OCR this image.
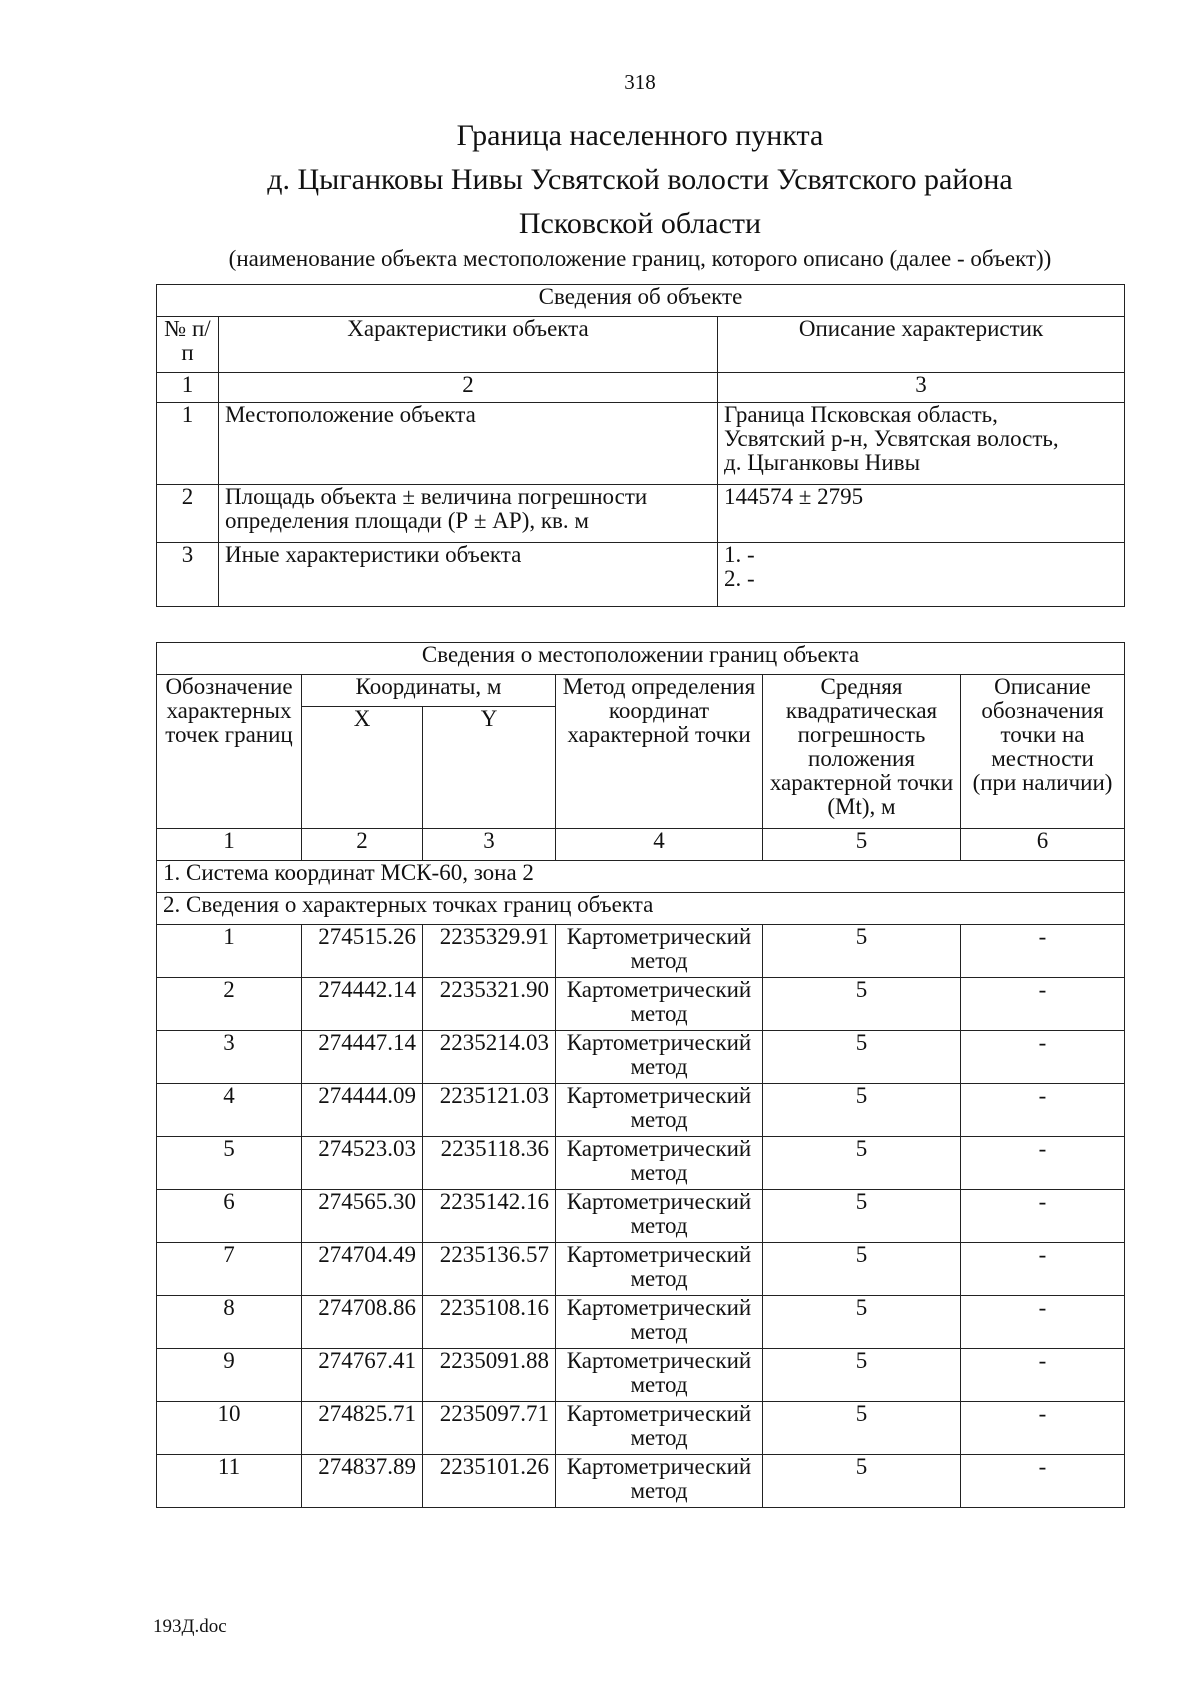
318
Граница населенного пункта
д. Цыганковы Нивы Усвятской волости Усвятского района
Псковской области
(наименование объекта местоположение границ, которого описано (далее - объект))
Сведения об объекте		
№ п/п	Характеристики объекта	Описание характеристик
1	2	3
1	Местоположение объекта	Граница Псковская область,
Усвятский р-н, Усвятская волость,
д. Цыганковы Нивы

2	Площадь объекта ± величина погрешности
определения площади (Р ± АР), кв. м	144574 ± 2795
3	Иные характеристики объекта	1. -
2. -
Сведения о местоположении границ объекта					
Обозначение характерных точек границ	Координаты, м		Метод определения координат характерной точки	Средняя квадратическая погрешность положения характерной точки (Mt), м	Описание обозначения точки на местности (при наличии)
	X	Y			
1	2	3	4	5	6
1. Система координат МСК-60, зона 2					
2. Сведения о характерных точках границ объекта					
1	274515.26	2235329.91	Картометрический метод	5	-
2	274442.14	2235321.90	Картометрический метод	5	-
3	274447.14	2235214.03	Картометрический метод	5	-
4	274444.09	2235121.03	Картометрический метод	5	-
5	274523.03	2235118.36	Картометрический метод	5	-
6	274565.30	2235142.16	Картометрический метод	5	-
7	274704.49	2235136.57	Картометрический метод	5	-
8	274708.86	2235108.16	Картометрический метод	5	-
9	274767.41	2235091.88	Картометрический метод	5	-
10	274825.71	2235097.71	Картометрический метод	5	-
11	274837.89	2235101.26	Картометрический метод	5	-
193Д.doc
